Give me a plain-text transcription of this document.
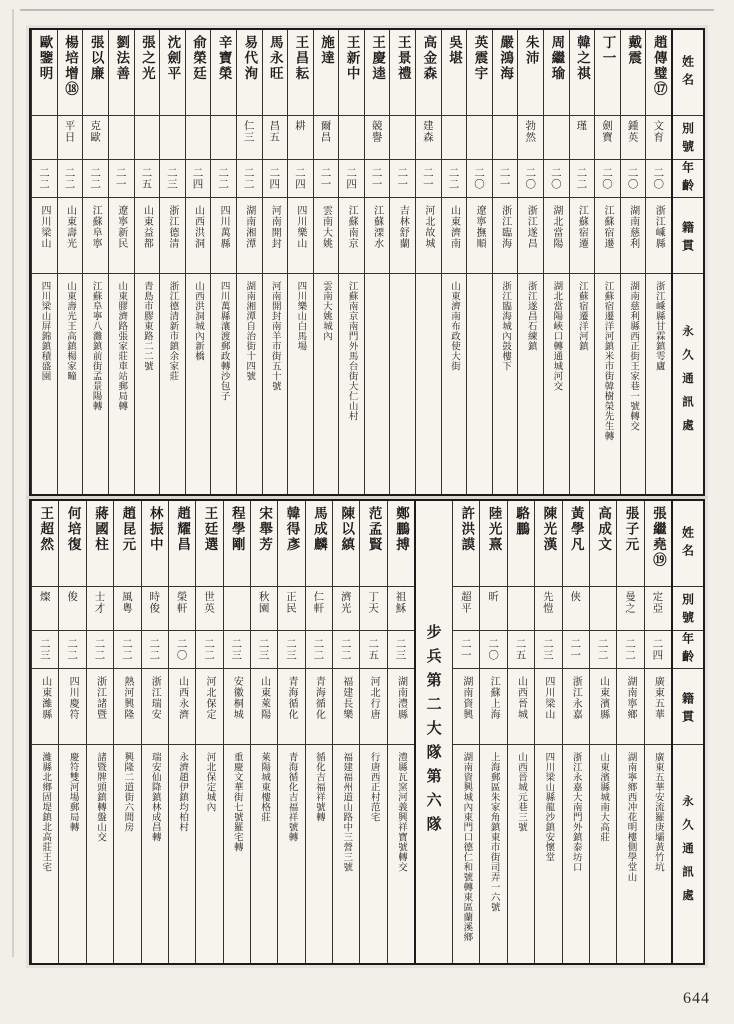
姓名
別號
年齡
籍貫
永久通訊處
趙傳璧⑰
文育
二〇
浙江嵊縣
浙江嵊縣甘霖鎮雩廬
戴震
鍾英
二〇
湖南慈利
湖南慈利縣西正街王家巷一號轉交
丁一
劍寶
二〇
江蘇宿遷
江蘇宿遷洋河鎮米市街韓樹榮先生轉
韓之祺
瑾
二二
江蘇宿遷
江蘇宿遷洋河鎮
周繼瑜
二〇
湖北當陽
湖北當陽峽口轉通城河交
朱沛
勃然
二〇
浙江遂昌
浙江遂昌石練鎮
嚴鴻海
二一
浙江臨海
浙江臨海城內鼓樓下
英震宇
二〇
遼寧撫順
吳堪
二二
山東濟南
山東濟南布政使大街
高金森
建森
二一
河北故城
王景禮
二一
吉林舒蘭
王慶逵
競譽
二一
江蘇溧水
王新中
二四
江蘇南京
江蘇南京南門外馬台街大仁山村
施達
爾昌
二一
雲南大姚
雲南大姚城內
王昌耘
耕
二四
四川樂山
四川樂山白馬場
馬永旺
昌五
二四
河南開封
河南開封南羊市街五十號
易代洵
仁三
二二
湖南湘潭
湖南湘潭自治街十四號
辛寶榮
二二
四川萬縣
四川萬縣瀼渡郵政轉沙包子
俞榮廷
二四
山西洪洞
山西洪洞城內新橋
沈劍平
二三
浙江德清
浙江德清新市鎮余家莊
張之光
二五
山東益都
青島市膠東路二二號
劉法善
二一
遼寧新民
山東膠濟路張家莊車站郵局轉
張以廉
克歐
二二
江蘇阜寧
江蘇阜寧八灘鎮前街孟景陽轉
楊培增⑱
平日
二二
山東壽光
山東壽光王高鎮楊家疃
歐鑒明
二二
四川梁山
四川梁山屏錦鎮積盛園
姓名
別號
年齡
籍貫
永久通訊處
張繼堯⑲
定亞
二四
廣東五華
廣東五華安流羅庚壩黃竹坑
張子元
曼之
二二
湖南寧鄉
湖南寧鄉西冲花明樓側學堂山
高成文
二二
山東濱縣
山東濱縣城南大高莊
黃學凡
俠
二一
浙江永嘉
浙江永嘉大南門外鎮泰坊口
陳光漢
先愷
二三
四川梁山
四川梁山縣龍沙鎮安懷堂
駱鵬
二五
山西晉城
山西晉城元巷三號
陸光熹
昕
二〇
江蘇上海
上海郵區朱家角鎮東市街司弄一六號
許洪謨
超平
二一
湖南資興
湖南資興城內東門口德仁和號轉東區蘭溪鄉
步兵第二大隊第六隊
鄭鵬搏
祖穌
二三
湖南澧縣
澧縣瓦窯河義興祥寶號轉交
范孟賢
丁天
二五
河北行唐
行唐西正村范宅
陳以縝
濟光
二二
福建長樂
福建福州道山路中三營三號
馬成麟
仁軒
二二
青海循化
循化吉福祥號轉
韓得彥
正民
二三
青海循化
青海循化吉福祥號轉
宋舉芳
秋園
二三
山東萊陽
萊陽城東樓格莊
程學剛
二三
安徽桐城
重慶文華街七號羅宅轉
王廷選
世英
二二
河北保定
河北保定城內
趙耀昌
榮軒
二〇
山西永濟
永濟趙伊鎮均柏村
林振中
時俊
二二
浙江瑞安
瑞安仙降鎮林成昌轉
趙昆元
風粵
二二
熱河興隆
興隆二道街六間房
蔣國柱
士才
二二
浙江諸暨
諸暨牌頭鎮轉盤山交
何培復
俊
二二
四川慶符
慶符雙河場郵局轉
王超然
燦
二三
山東濰縣
濰縣北鄉固堤鎮北高莊王宅
644
